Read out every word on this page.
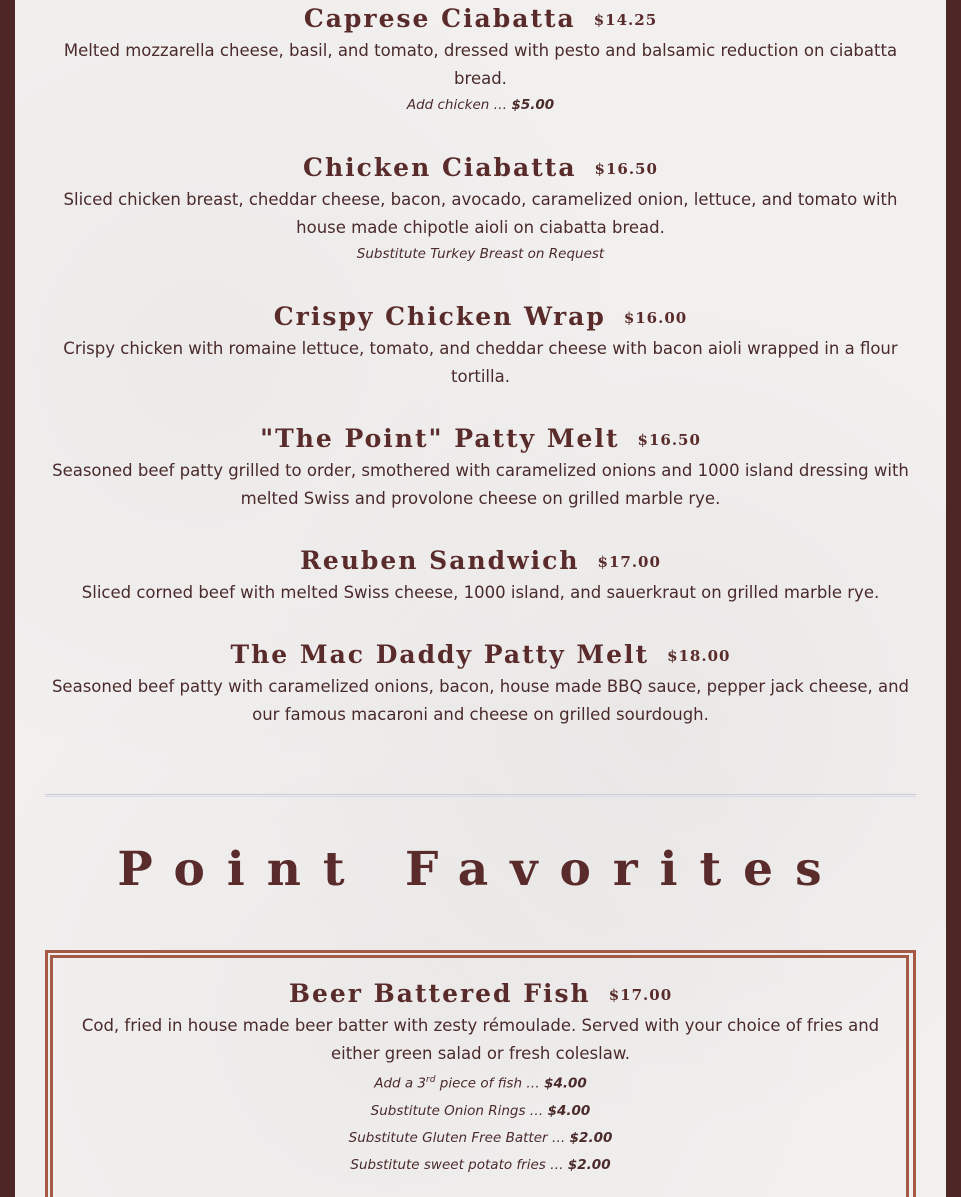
Caprese Ciabatta $14.25
Melted mozzarella cheese, basil, and tomato, dressed with pesto and balsamic reduction on ciabatta bread.
Add chicken … $5.00
Chicken Ciabatta $16.50
Sliced chicken breast, cheddar cheese, bacon, avocado, caramelized onion, lettuce, and tomato with house made chipotle aioli on ciabatta bread.
Substitute Turkey Breast on Request
Crispy Chicken Wrap $16.00
Crispy chicken with romaine lettuce, tomato, and cheddar cheese with bacon aioli wrapped in a flour tortilla.
"The Point" Patty Melt $16.50
Seasoned beef patty grilled to order, smothered with caramelized onions and 1000 island dressing with melted Swiss and provolone cheese on grilled marble rye.
Reuben Sandwich $17.00
Sliced corned beef with melted Swiss cheese, 1000 island, and sauerkraut on grilled marble rye.
The Mac Daddy Patty Melt $18.00
Seasoned beef patty with caramelized onions, bacon, house made BBQ sauce, pepper jack cheese, and our famous macaroni and cheese on grilled sourdough.
Point Favorites
Beer Battered Fish $17.00
Cod, fried in house made beer batter with zesty rémoulade. Served with your choice of fries and either green salad or fresh coleslaw.
Add a 3rd piece of fish … $4.00
Substitute Onion Rings … $4.00
Substitute Gluten Free Batter … $2.00
Substitute sweet potato fries … $2.00
